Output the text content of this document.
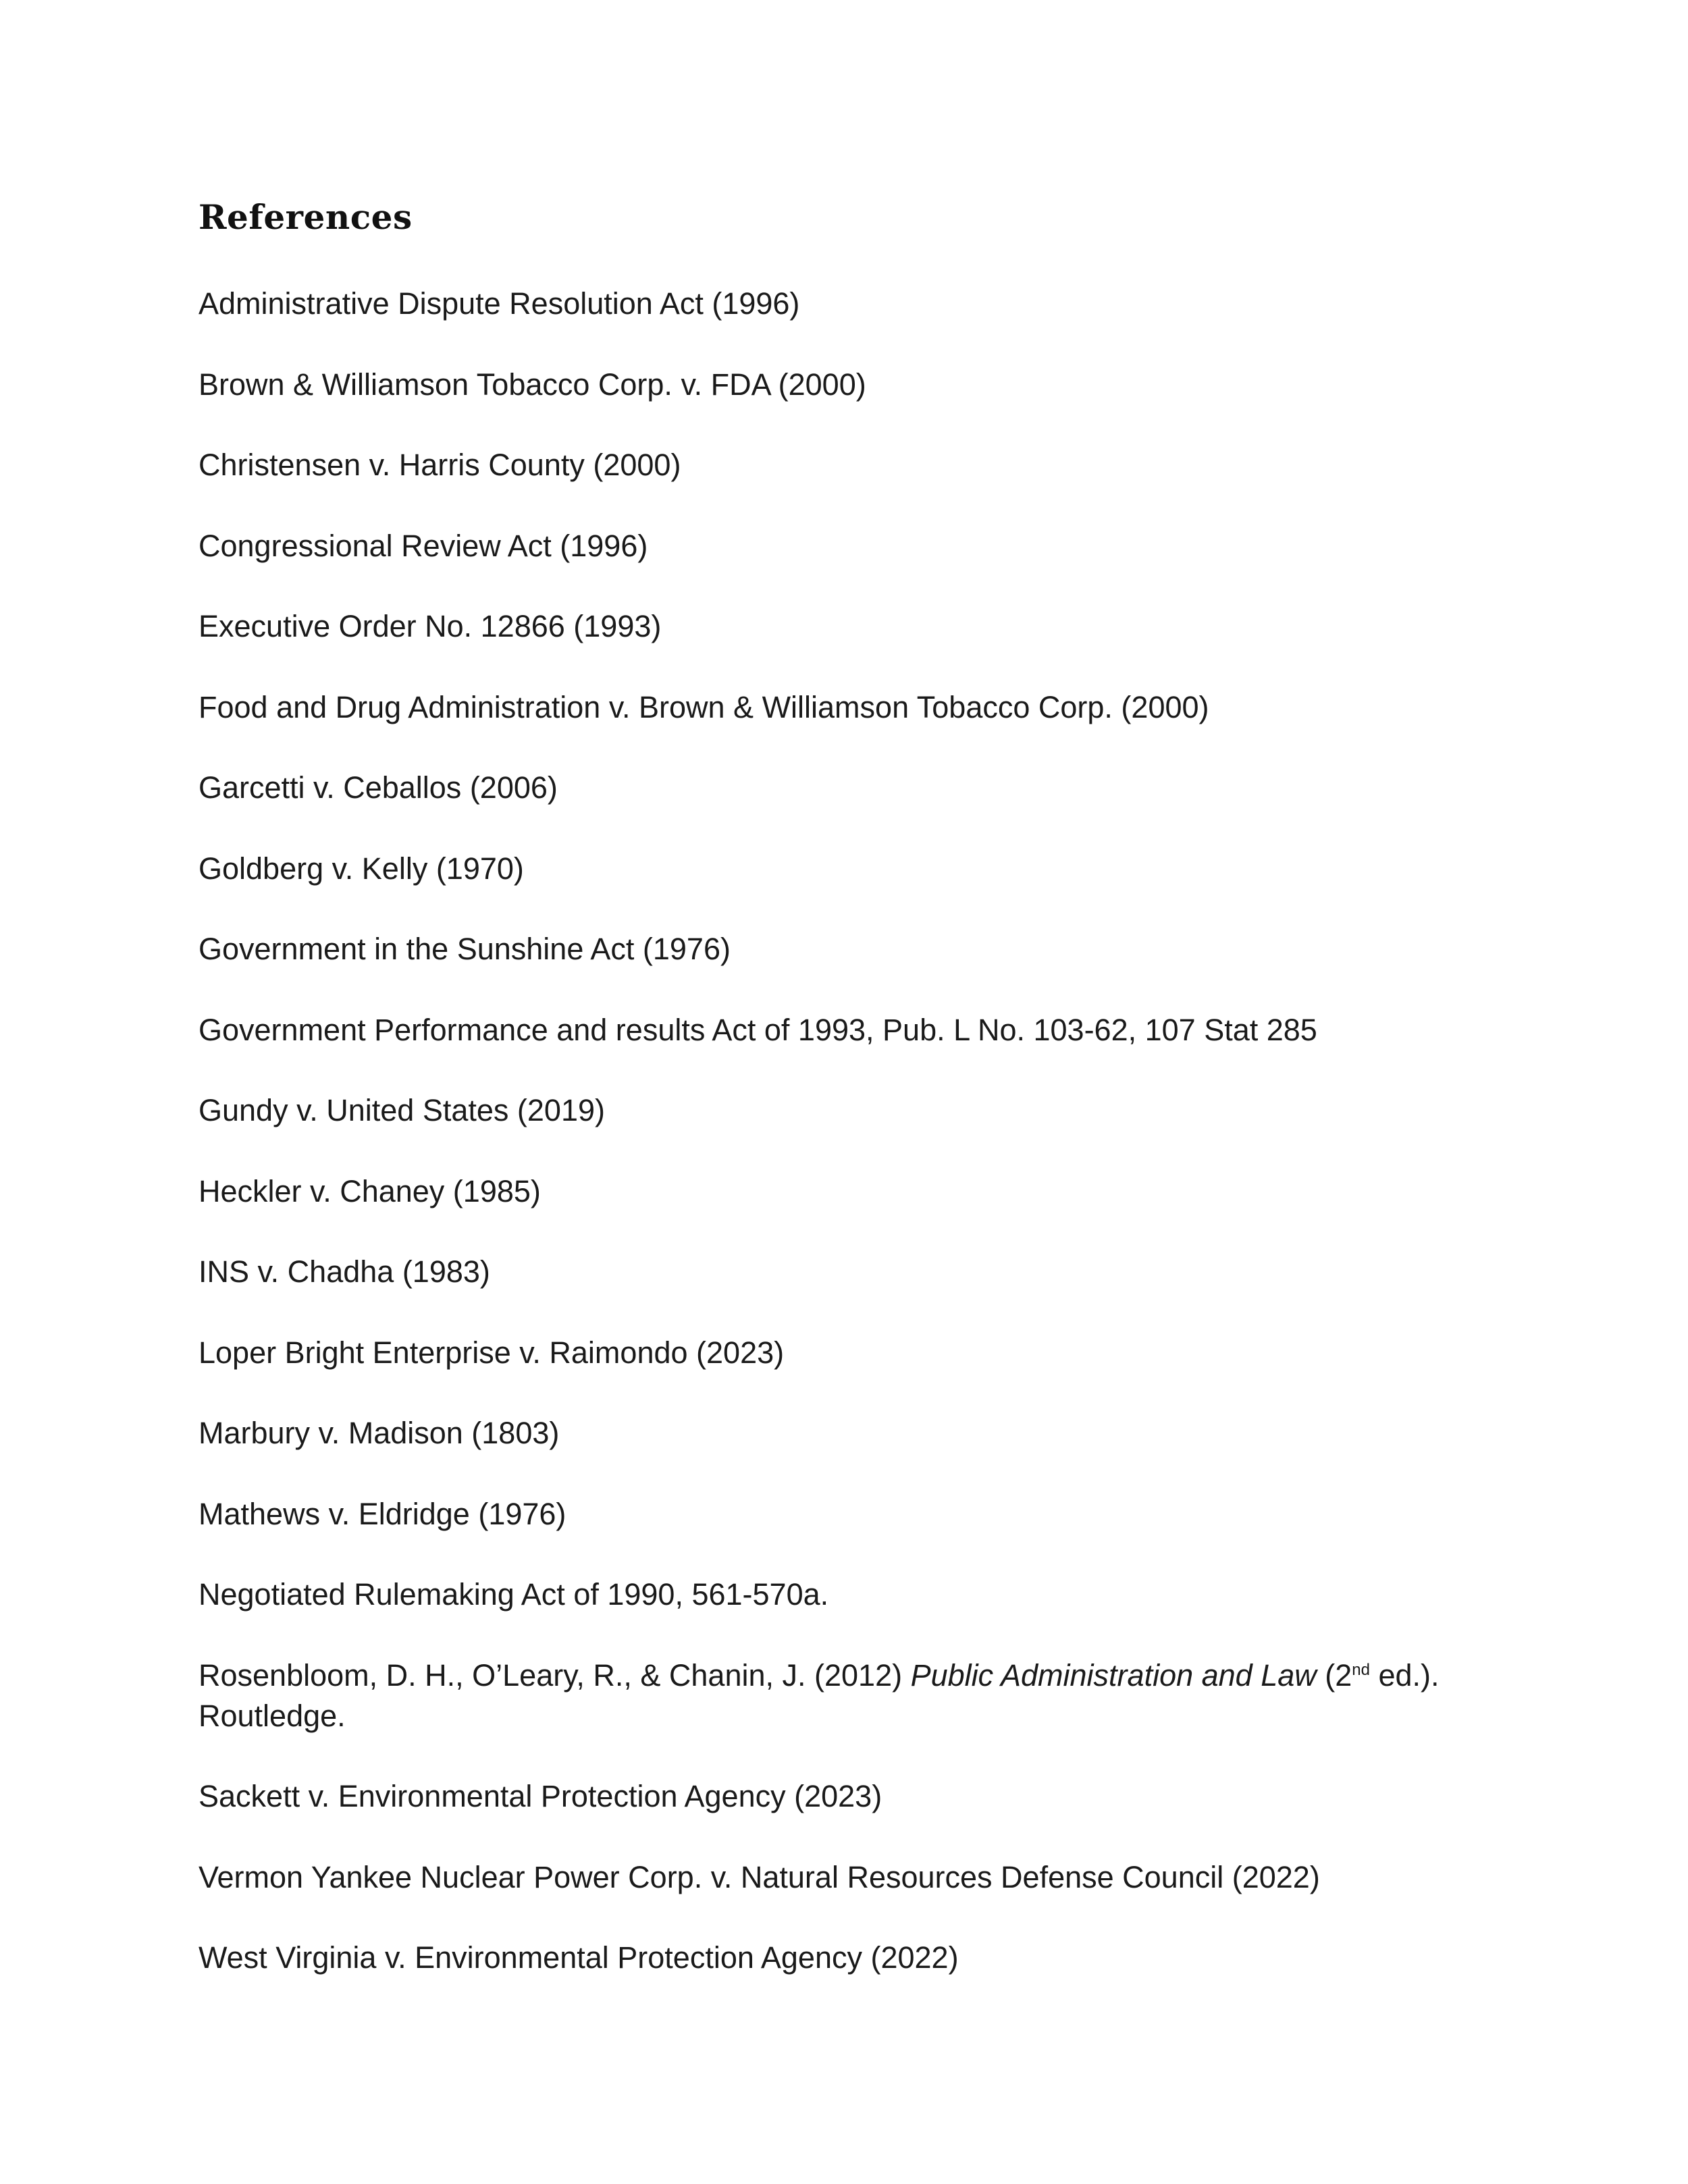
References
Administrative Dispute Resolution Act (1996)
Brown & Williamson Tobacco Corp. v. FDA (2000)
Christensen v. Harris County (2000)
Congressional Review Act (1996)
Executive Order No. 12866 (1993)
Food and Drug Administration v. Brown & Williamson Tobacco Corp. (2000)
Garcetti v. Ceballos (2006)
Goldberg v. Kelly (1970)
Government in the Sunshine Act (1976)
Government Performance and results Act of 1993, Pub. L No. 103-62, 107 Stat 285
Gundy v. United States (2019)
Heckler v. Chaney (1985)
INS v. Chadha (1983)
Loper Bright Enterprise v. Raimondo (2023)
Marbury v. Madison (1803)
Mathews v. Eldridge (1976)
Negotiated Rulemaking Act of 1990, 561-570a.
Rosenbloom, D. H., O’Leary, R., & Chanin, J. (2012) Public Administration and Law (2nd ed.). Routledge.
Sackett v. Environmental Protection Agency (2023)
Vermon Yankee Nuclear Power Corp. v. Natural Resources Defense Council (2022)
West Virginia v. Environmental Protection Agency (2022)
